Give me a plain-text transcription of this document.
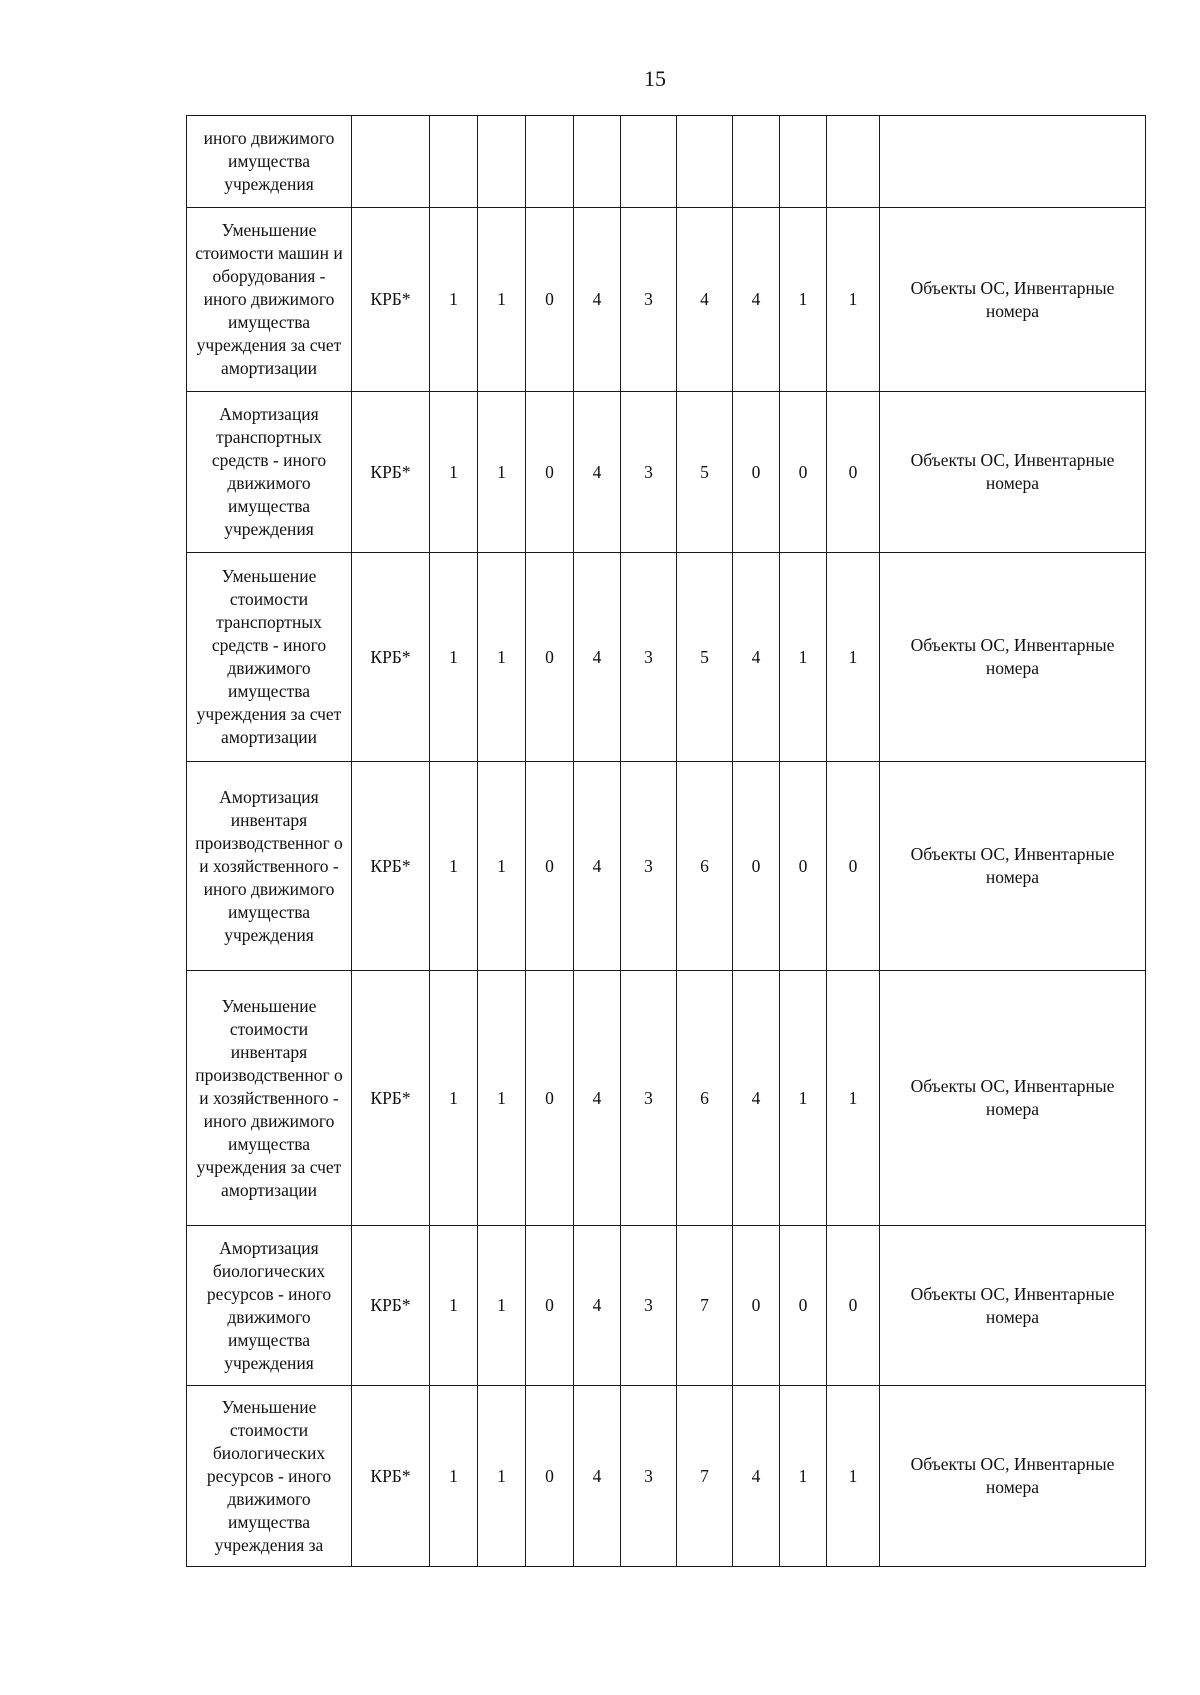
15
иного движимого имущества учреждения											
Уменьшение стоимости машин и оборудования - иного движимого имущества учреждения за счет амортизации	КРБ*	1	1	0	4	3	4	4	1	1	Объекты ОС, Инвентарные номера
Амортизация транспортных средств - иного движимого имущества учреждения	КРБ*	1	1	0	4	3	5	0	0	0	Объекты ОС, Инвентарные номера
Уменьшение стоимости транспортных средств - иного движимого имущества учреждения за счет амортизации	КРБ*	1	1	0	4	3	5	4	1	1	Объекты ОС, Инвентарные номера
Амортизация инвентаря производственног о и хозяйственного - иного движимого имущества учреждения	КРБ*	1	1	0	4	3	6	0	0	0	Объекты ОС, Инвентарные номера
Уменьшение стоимости инвентаря производственног о и хозяйственного - иного движимого имущества учреждения за счет амортизации	КРБ*	1	1	0	4	3	6	4	1	1	Объекты ОС, Инвентарные номера
Амортизация биологических ресурсов - иного движимого имущества учреждения	КРБ*	1	1	0	4	3	7	0	0	0	Объекты ОС, Инвентарные номера
Уменьшение стоимости биологических ресурсов - иного движимого имущества учреждения за	КРБ*	1	1	0	4	3	7	4	1	1	Объекты ОС, Инвентарные номера
